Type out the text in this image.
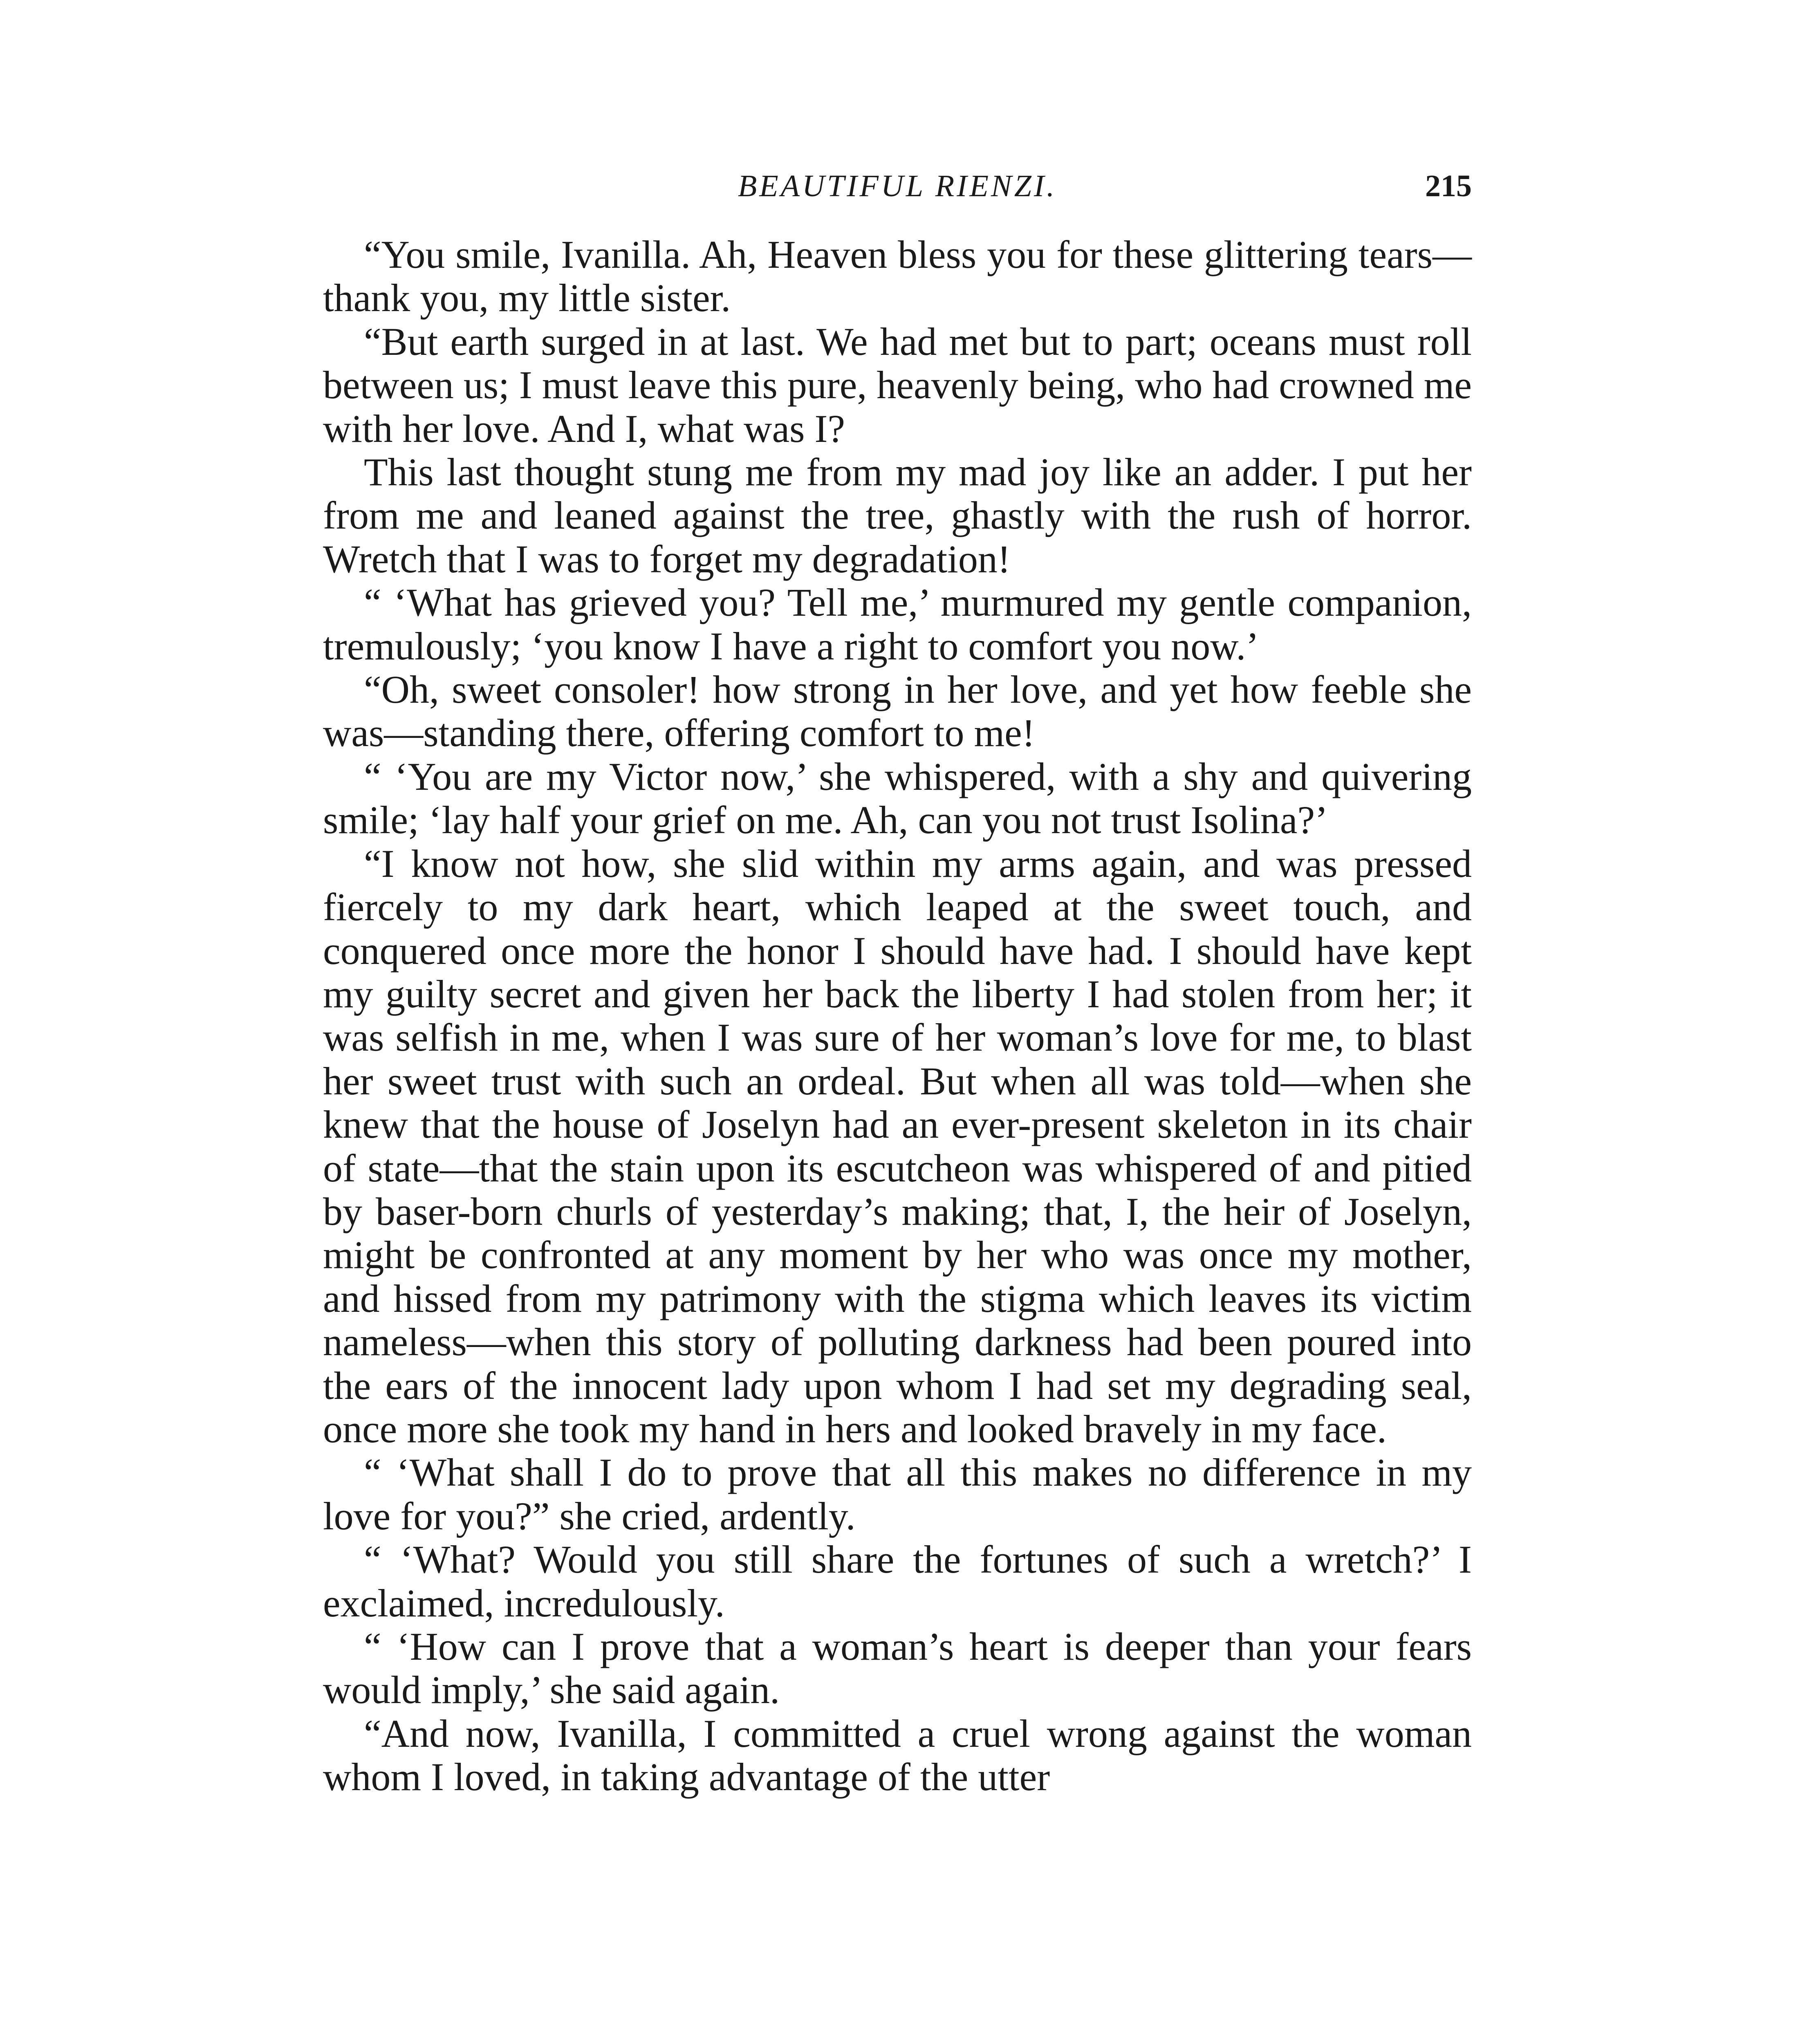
BEAUTIFUL RIENZI.	215

“You smile, Ivanilla. Ah, Heaven bless you for these glittering tears—thank you, my little sister.

“But earth surged in at last. We had met but to part; oceans must roll between us; I must leave this pure, heavenly being, who had crowned me with her love. And I, what was I?

This last thought stung me from my mad joy like an adder. I put her from me and leaned against the tree, ghastly with the rush of horror. Wretch that I was to forget my degradation!

“ ‘What has grieved you? Tell me,’ murmured my gentle companion, tremulously; ‘you know I have a right to comfort you now.’

“Oh, sweet consoler! how strong in her love, and yet how feeble she was—standing there, offering comfort to me!

“ ‘You are my Victor now,’ she whispered, with a shy and quivering smile; ‘lay half your grief on me. Ah, can you not trust Isolina?’

“I know not how, she slid within my arms again, and was pressed fiercely to my dark heart, which leaped at the sweet touch, and conquered once more the honor I should have had. I should have kept my guilty secret and given her back the liberty I had stolen from her; it was selfish in me, when I was sure of her woman’s love for me, to blast her sweet trust with such an ordeal. But when all was told—when she knew that the house of Joselyn had an ever-present skeleton in its chair of state—that the stain upon its escutcheon was whispered of and pitied by baser-born churls of yesterday’s making; that, I, the heir of Joselyn, might be confronted at any moment by her who was once my mother, and hissed from my patrimony with the stigma which leaves its victim nameless—when this story of polluting darkness had been poured into the ears of the innocent lady upon whom I had set my degrading seal, once more she took my hand in hers and looked bravely in my face.

“ ‘What shall I do to prove that all this makes no difference in my love for you?” she cried, ardently.

“ ‘What? Would you still share the fortunes of such a wretch?’ I exclaimed, incredulously.

“ ‘How can I prove that a woman’s heart is deeper than your fears would imply,’ she said again.

“And now, Ivanilla, I committed a cruel wrong against the woman whom I loved, in taking advantage of the utter
